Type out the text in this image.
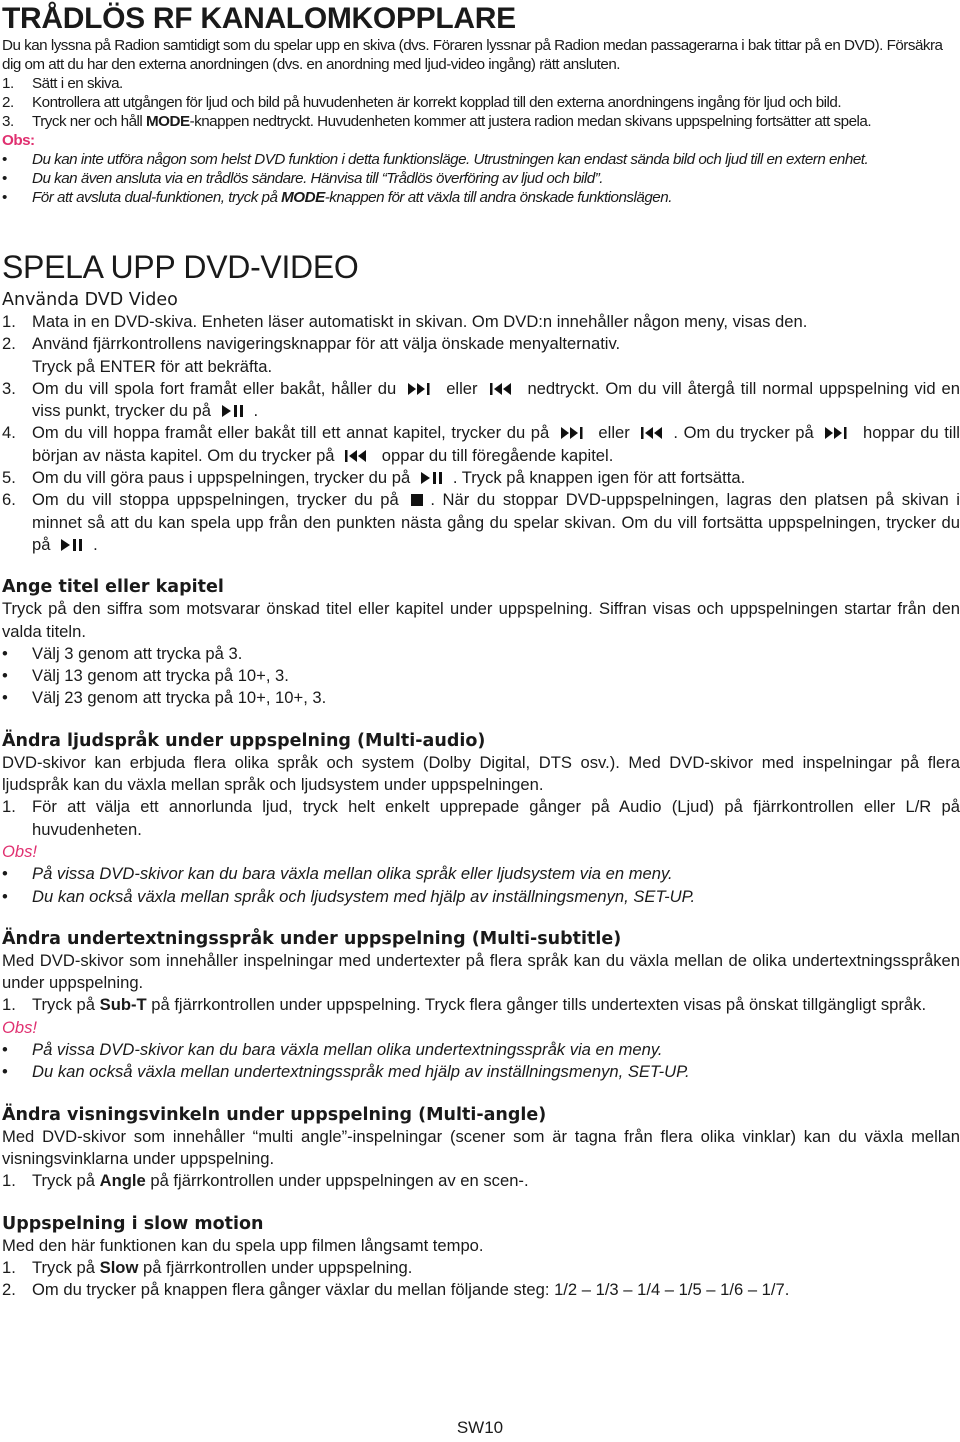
TRÅDLÖS RF KANALOMKOPPLARE
Du kan lyssna på Radion samtidigt som du spelar upp en skiva (dvs. Föraren lyssnar på Radion medan passagerarna i bak tittar på en DVD). Försäkra dig om att du har den externa anordningen (dvs. en anordning med ljud-video ingång) rätt ansluten.
1.	Sätt i en skiva.
2.	Kontrollera att utgången för ljud och bild på huvudenheten är korrekt kopplad till den externa anordningens ingång för ljud och bild.
3.	Tryck ner och håll MODE-knappen nedtryckt. Huvudenheten kommer att justera radion medan skivans uppspelning fortsätter att spela.
Obs:
•	Du kan inte utföra någon som helst DVD funktion i detta funktionsläge. Utrustningen kan endast sända bild och ljud till en extern enhet.
•	Du kan även ansluta via en trådlös sändare. Hänvisa till “Trådlös överföring av ljud och bild”.
•	För att avsluta dual-funktionen, tryck på MODE-knappen för att växla till andra önskade funktionslägen.
SPELA UPP DVD-VIDEO
Använda DVD Video
1. Mata in en DVD-skiva. Enheten läser automatiskt in skivan. Om DVD:n innehåller någon meny, visas den.
2. Använd fjärrkontrollens navigeringsknappar för att välja önskade menyalternativ.
Tryck på ENTER för att bekräfta.
3. Om du vill spola fort framåt eller bakåt, håller du	eller	nedtryckt. Om du vill återgå till normal uppspelning vid en viss punkt, trycker du på	.
4. Om du vill hoppa framåt eller bakåt till ett annat kapitel, trycker du på	eller	. Om du trycker på	hoppar du till början av nästa kapitel. Om du trycker på	oppar du till föregående kapitel.
5. Om du vill göra paus i uppspelningen, trycker du på	. Tryck på knappen igen för att fortsätta.
6. Om du vill stoppa uppspelningen, trycker du på . När du stoppar DVD-uppspelningen, lagras den platsen på skivan i minnet så att du kan spela upp från den punkten nästa gång du spelar skivan. Om du vill fortsätta uppspelningen, trycker du på	.
Ange titel eller kapitel
Tryck på den siffra som motsvarar önskad titel eller kapitel under uppspelning. Siffran visas och uppspelningen startar från den valda titeln.
•	Välj 3 genom att trycka på 3.
•	Välj 13 genom att trycka på 10+, 3.
•	Välj 23 genom att trycka på 10+, 10+, 3.
Ändra ljudspråk under uppspelning (Multi-audio)
DVD-skivor kan erbjuda flera olika språk och system (Dolby Digital, DTS osv.). Med DVD-skivor med inspelningar på flera ljudspråk kan du växla mellan språk och ljudsystem under uppspelningen.
1. För att välja ett annorlunda ljud, tryck helt enkelt upprepade gånger på Audio (Ljud) på fjärrkontrollen eller L/R på huvudenheten.
Obs!
•	På vissa DVD-skivor kan du bara växla mellan olika språk eller ljudsystem via en meny.
•	Du kan också växla mellan språk och ljudsystem med hjälp av inställningsmenyn, SET-UP.
Ändra undertextningsspråk under uppspelning (Multi-subtitle)
Med DVD-skivor som innehåller inspelningar med undertexter på flera språk kan du växla mellan de olika undertextningsspråken under uppspelning.
1. Tryck på Sub-T på fjärrkontrollen under uppspelning. Tryck flera gånger tills undertexten visas på önskat tillgängligt språk.
Obs!
•	På vissa DVD-skivor kan du bara växla mellan olika undertextningsspråk via en meny.
•	Du kan också växla mellan undertextningsspråk med hjälp av inställningsmenyn, SET-UP.
Ändra visningsvinkeln under uppspelning (Multi-angle)
Med DVD-skivor som innehåller “multi angle”-inspelningar (scener som är tagna från flera olika vinklar) kan du växla mellan visningsvinklarna under uppspelning.
1. Tryck på Angle på fjärrkontrollen under uppspelningen av en scen-.
Uppspelning i slow motion
Med den här funktionen kan du spela upp filmen långsamt tempo.
1. Tryck på Slow på fjärrkontrollen under uppspelning.
2. Om du trycker på knappen flera gånger växlar du mellan följande steg: 1/2 – 1/3 – 1/4 – 1/5 – 1/6 – 1/7.
SW10
